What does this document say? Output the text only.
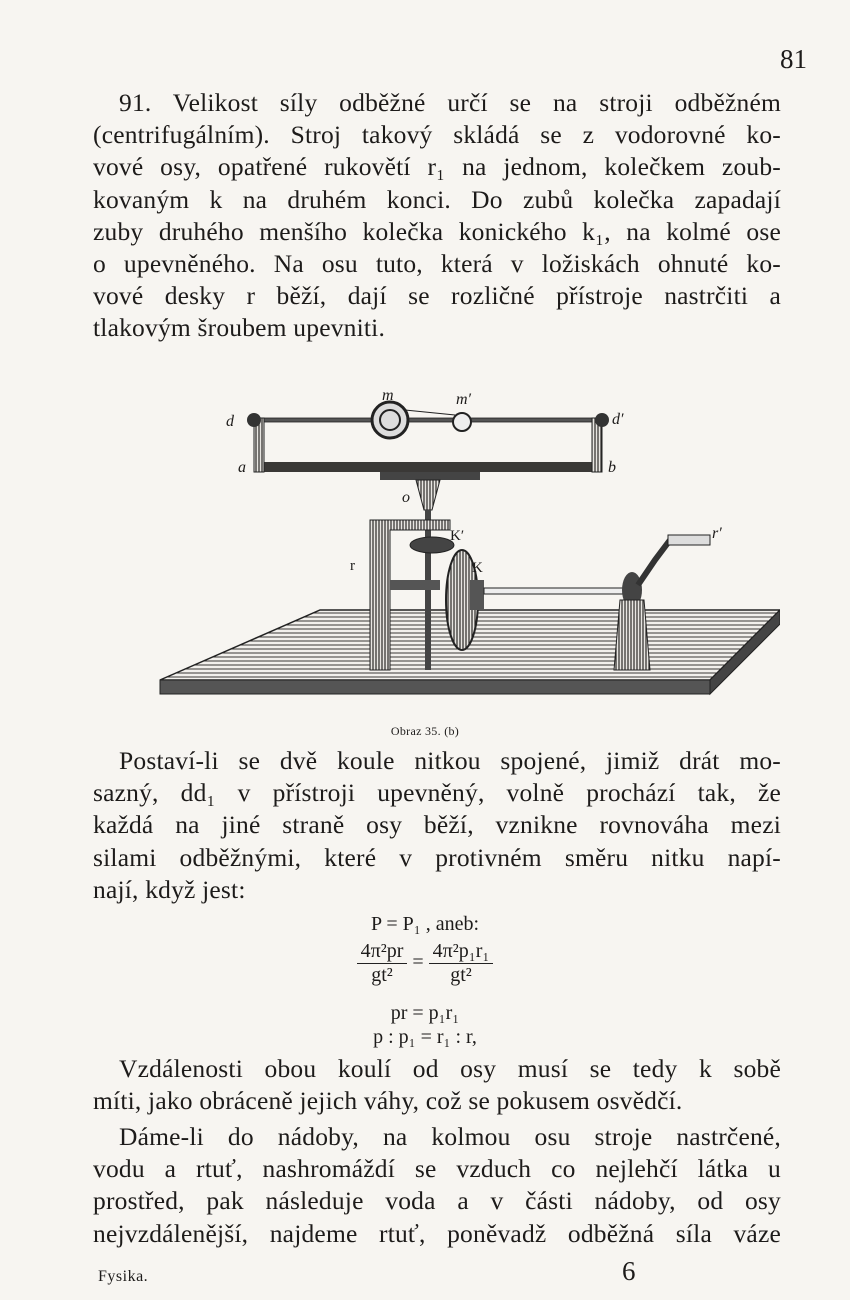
81
91. Velikost síly odběžné určí se na stroji odběžném
(centrifugálním). Stroj takový skládá se z vodorovné ko-
vové osy, opatřené rukovětí r₁ na jednom, kolečkem zoub-
kovaným k na druhém konci. Do zubů kolečka zapadají
zuby druhého menšího kolečka konického k₁, na kolmé ose
o upevněného. Na osu tuto, která v ložiskách ohnuté ko-
vové desky r běží, dají se rozličné přístroje nastrčiti a
tlakovým šroubem upevniti.
m	m′
d	d′
a	b
o
r′
K′
K
r
Obraz 35. (b)
Postaví-li se dvě koule nitkou spojené, jimiž drát mo-
sazný, dd₁ v přístroji upevněný, volně prochází tak, že
každá na jiné straně osy běží, vznikne rovnováha mezi
silami odběžnými, které v protivném směru nitku napí-
nají, když jest:
P = P₁ , aneb:
$\frac{\text{4π²pr}}{\text{gt²}} = \frac{\text{4π²p₁r₁}}{\text{gt²}}$
pr = p₁r₁
p : p₁ = r₁ : r,
Vzdálenosti obou koulí od osy musí se tedy k sobě
míti, jako obráceně jejich váhy, což se pokusem osvědčí.
Dáme-li do nádoby, na kolmou osu stroje nastrčené,
vodu a rtuť, nashromáždí se vzduch co nejlehčí látka u
prostřed, pak následuje voda a v části nádoby, od osy
nejvzdálenější, najdeme rtuť, poněvadž odběžná síla váze
Fysika.	6
